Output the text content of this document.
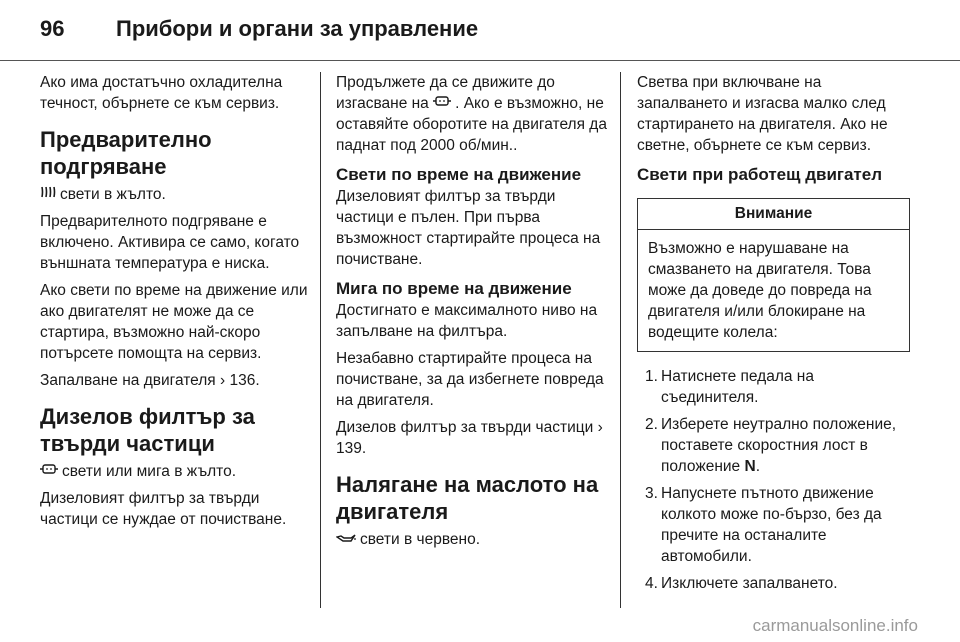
96 Прибори и органи за управление

Ако има достатъчно охладителна течност, обърнете се към сервиз.

Предварително подгряване

свети в жълто.

Предварителното подгряване е включено. Активира се само, когато външната температура е ниска.

Ако свети по време на движение или ако двигателят не може да се стартира, възможно най-скоро потърсете помощта на сервиз.

Запалване на двигателя › 136.

Дизелов филтър за твърди частици

свети или мига в жълто.

Дизеловият филтър за твърди частици се нуждае от почистване.

Продължете да се движите до изгасване на . Ако е възможно, не оставяйте оборотите на двигателя да паднат под 2000 об/мин..

Свети по време на движение

Дизеловият филтър за твърди частици е пълен. При първа възможност стартирайте процеса на почистване.

Мига по време на движение

Достигнато е максималното ниво на запълване на филтъра.

Незабавно стартирайте процеса на почистване, за да избегнете повреда на двигателя.

Дизелов филтър за твърди частици › 139.

Налягане на маслото на двигателя

свети в червено.

Светва при включване на запалването и изгасва малко след стартирането на двигателя. Ако не светне, обърнете се към сервиз.

Свети при работещ двигател
Внимание
Възможно е нарушаване на смазването на двигателя. Това може да доведе до повреда на двигателя и/или блокиране на водещите колела:
1. Натиснете педала на съединителя.
2. Изберете неутрално положение, поставете скоростния лост в положение N.
3. Напуснете пътното движение колкото може по-бързо, без да пречите на останалите автомобили.
4. Изключете запалването.
carmanualsonline.info
